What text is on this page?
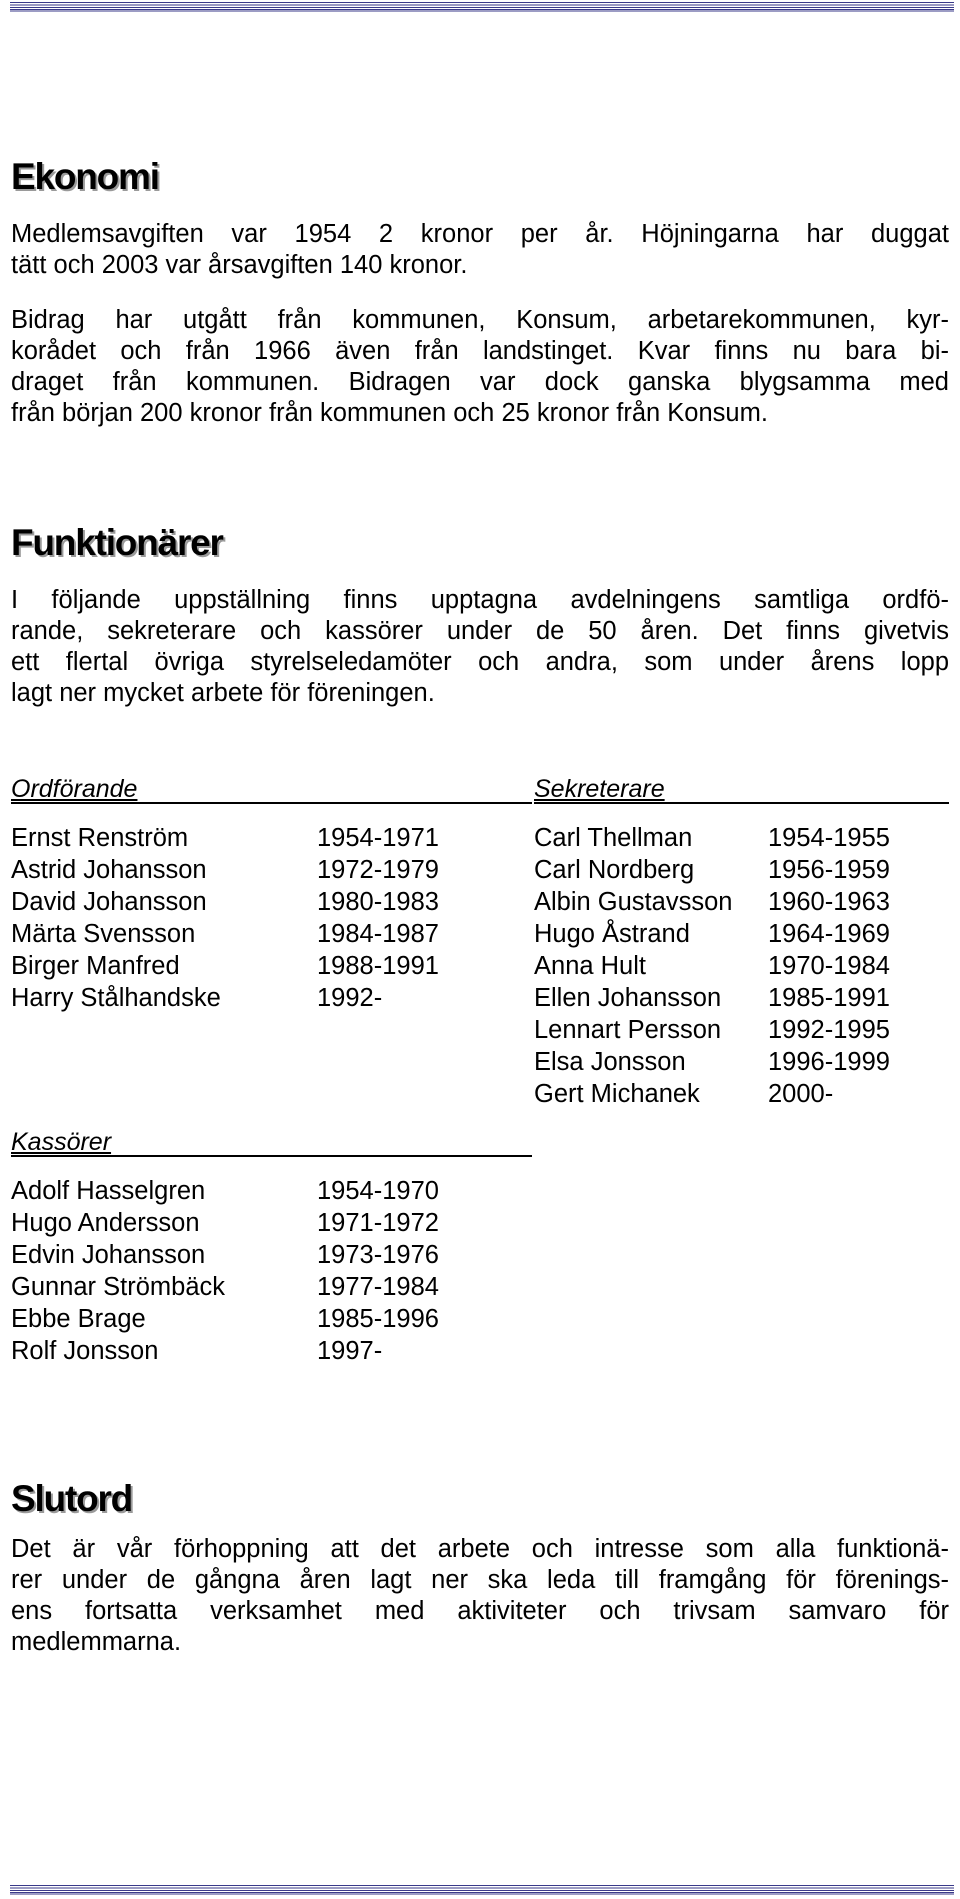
Ekonomi
Medlemsavgiften var 1954 2 kronor per år. Höjningarna har duggat
tätt och 2003 var årsavgiften 140 kronor.
Bidrag har utgått från kommunen, Konsum, arbetarekommunen, kyr-
korådet och från 1966 även från landstinget. Kvar finns nu bara bi-
draget från kommunen. Bidragen var dock ganska blygsamma med
från början 200 kronor från kommunen och 25 kronor från Konsum.
Funktionärer
I följande uppställning finns upptagna avdelningens samtliga ordfö-
rande, sekreterare och kassörer under de 50 åren. Det finns givetvis
ett flertal övriga styrelseledamöter och andra, som under årens lopp
lagt ner mycket arbete för föreningen.
Ordförande
Ernst Renström	1954-1971
Astrid Johansson	1972-1979
David Johansson	1980-1983
Märta Svensson	1984-1987
Birger Manfred	1988-1991
Harry Stålhandske	1992-
Sekreterare
Carl Thellman	1954-1955
Carl Nordberg	1956-1959
Albin Gustavsson	1960-1963
Hugo Åstrand	1964-1969
Anna Hult	1970-1984
Ellen Johansson	1985-1991
Lennart Persson	1992-1995
Elsa Jonsson	1996-1999
Gert Michanek	2000-
Kassörer
Adolf Hasselgren	1954-1970
Hugo Andersson	1971-1972
Edvin Johansson	1973-1976
Gunnar Strömbäck	1977-1984
Ebbe Brage	1985-1996
Rolf Jonsson	1997-
Slutord
Det är vår förhoppning att det arbete och intresse som alla funktionä-
rer under de gångna åren lagt ner ska leda till framgång för förenings-
ens fortsatta verksamhet med aktiviteter och trivsam samvaro för
medlemmarna.
